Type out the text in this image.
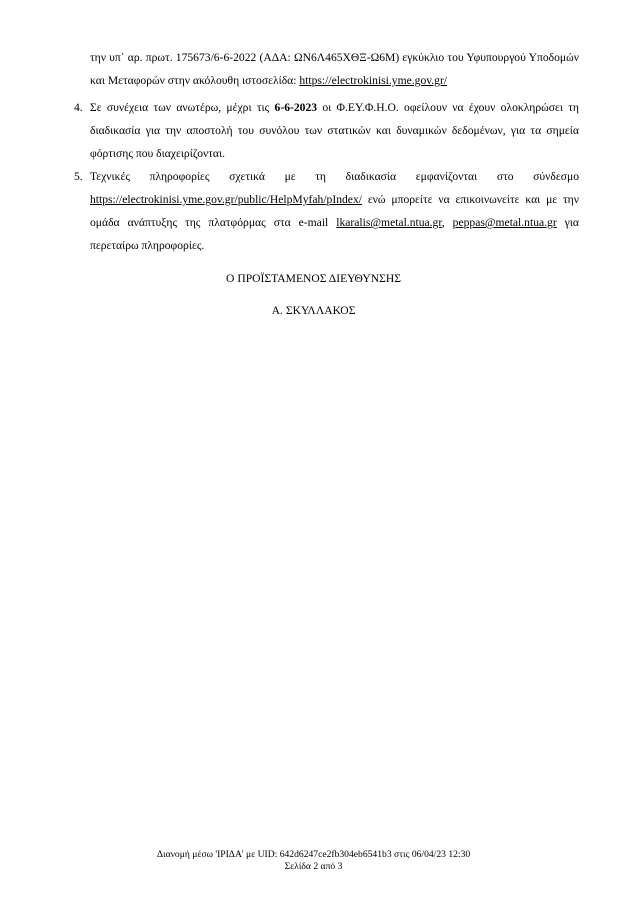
την υπ᾽ αρ. πρωτ. 175673/6-6-2022 (ΑΔΑ: ΩΝ6Λ465ΧΘΞ-Ω6Μ) εγκύκλιο του Υφυπουργού Υποδομών και Μεταφορών στην ακόλουθη ιστοσελίδα: https://electrokinisi.yme.gov.gr/

4. Σε συνέχεια των ανωτέρω, μέχρι τις 6-6-2023 οι Φ.ΕΥ.Φ.Η.Ο. οφείλουν να έχουν ολοκληρώσει τη διαδικασία για την αποστολή του συνόλου των στατικών και δυναμικών δεδομένων, για τα σημεία φόρτισης που διαχειρίζονται.
5. Τεχνικές πληροφορίες σχετικά με τη διαδικασία εμφανίζονται στο σύνδεσμο https://electrokinisi.yme.gov.gr/public/HelpMyfah/pIndex/ ενώ μπορείτε να επικοινωνείτε και με την ομάδα ανάπτυξης της πλατφόρμας στα e-mail lkaralis@metal.ntua.gr, peppas@metal.ntua.gr για περεταίρω πληροφορίες.
Ο ΠΡΟΪΣΤΑΜΕΝΟΣ ΔΙΕΥΘΥΝΣΗΣ
Α. ΣΚΥΛΛΑΚΟΣ
Διανομή μέσω 'ΙΡΙΔΑ' με UID: 642d6247ce2fb304eb6541b3 στις 06/04/23 12:30
Σελίδα 2 από 3
